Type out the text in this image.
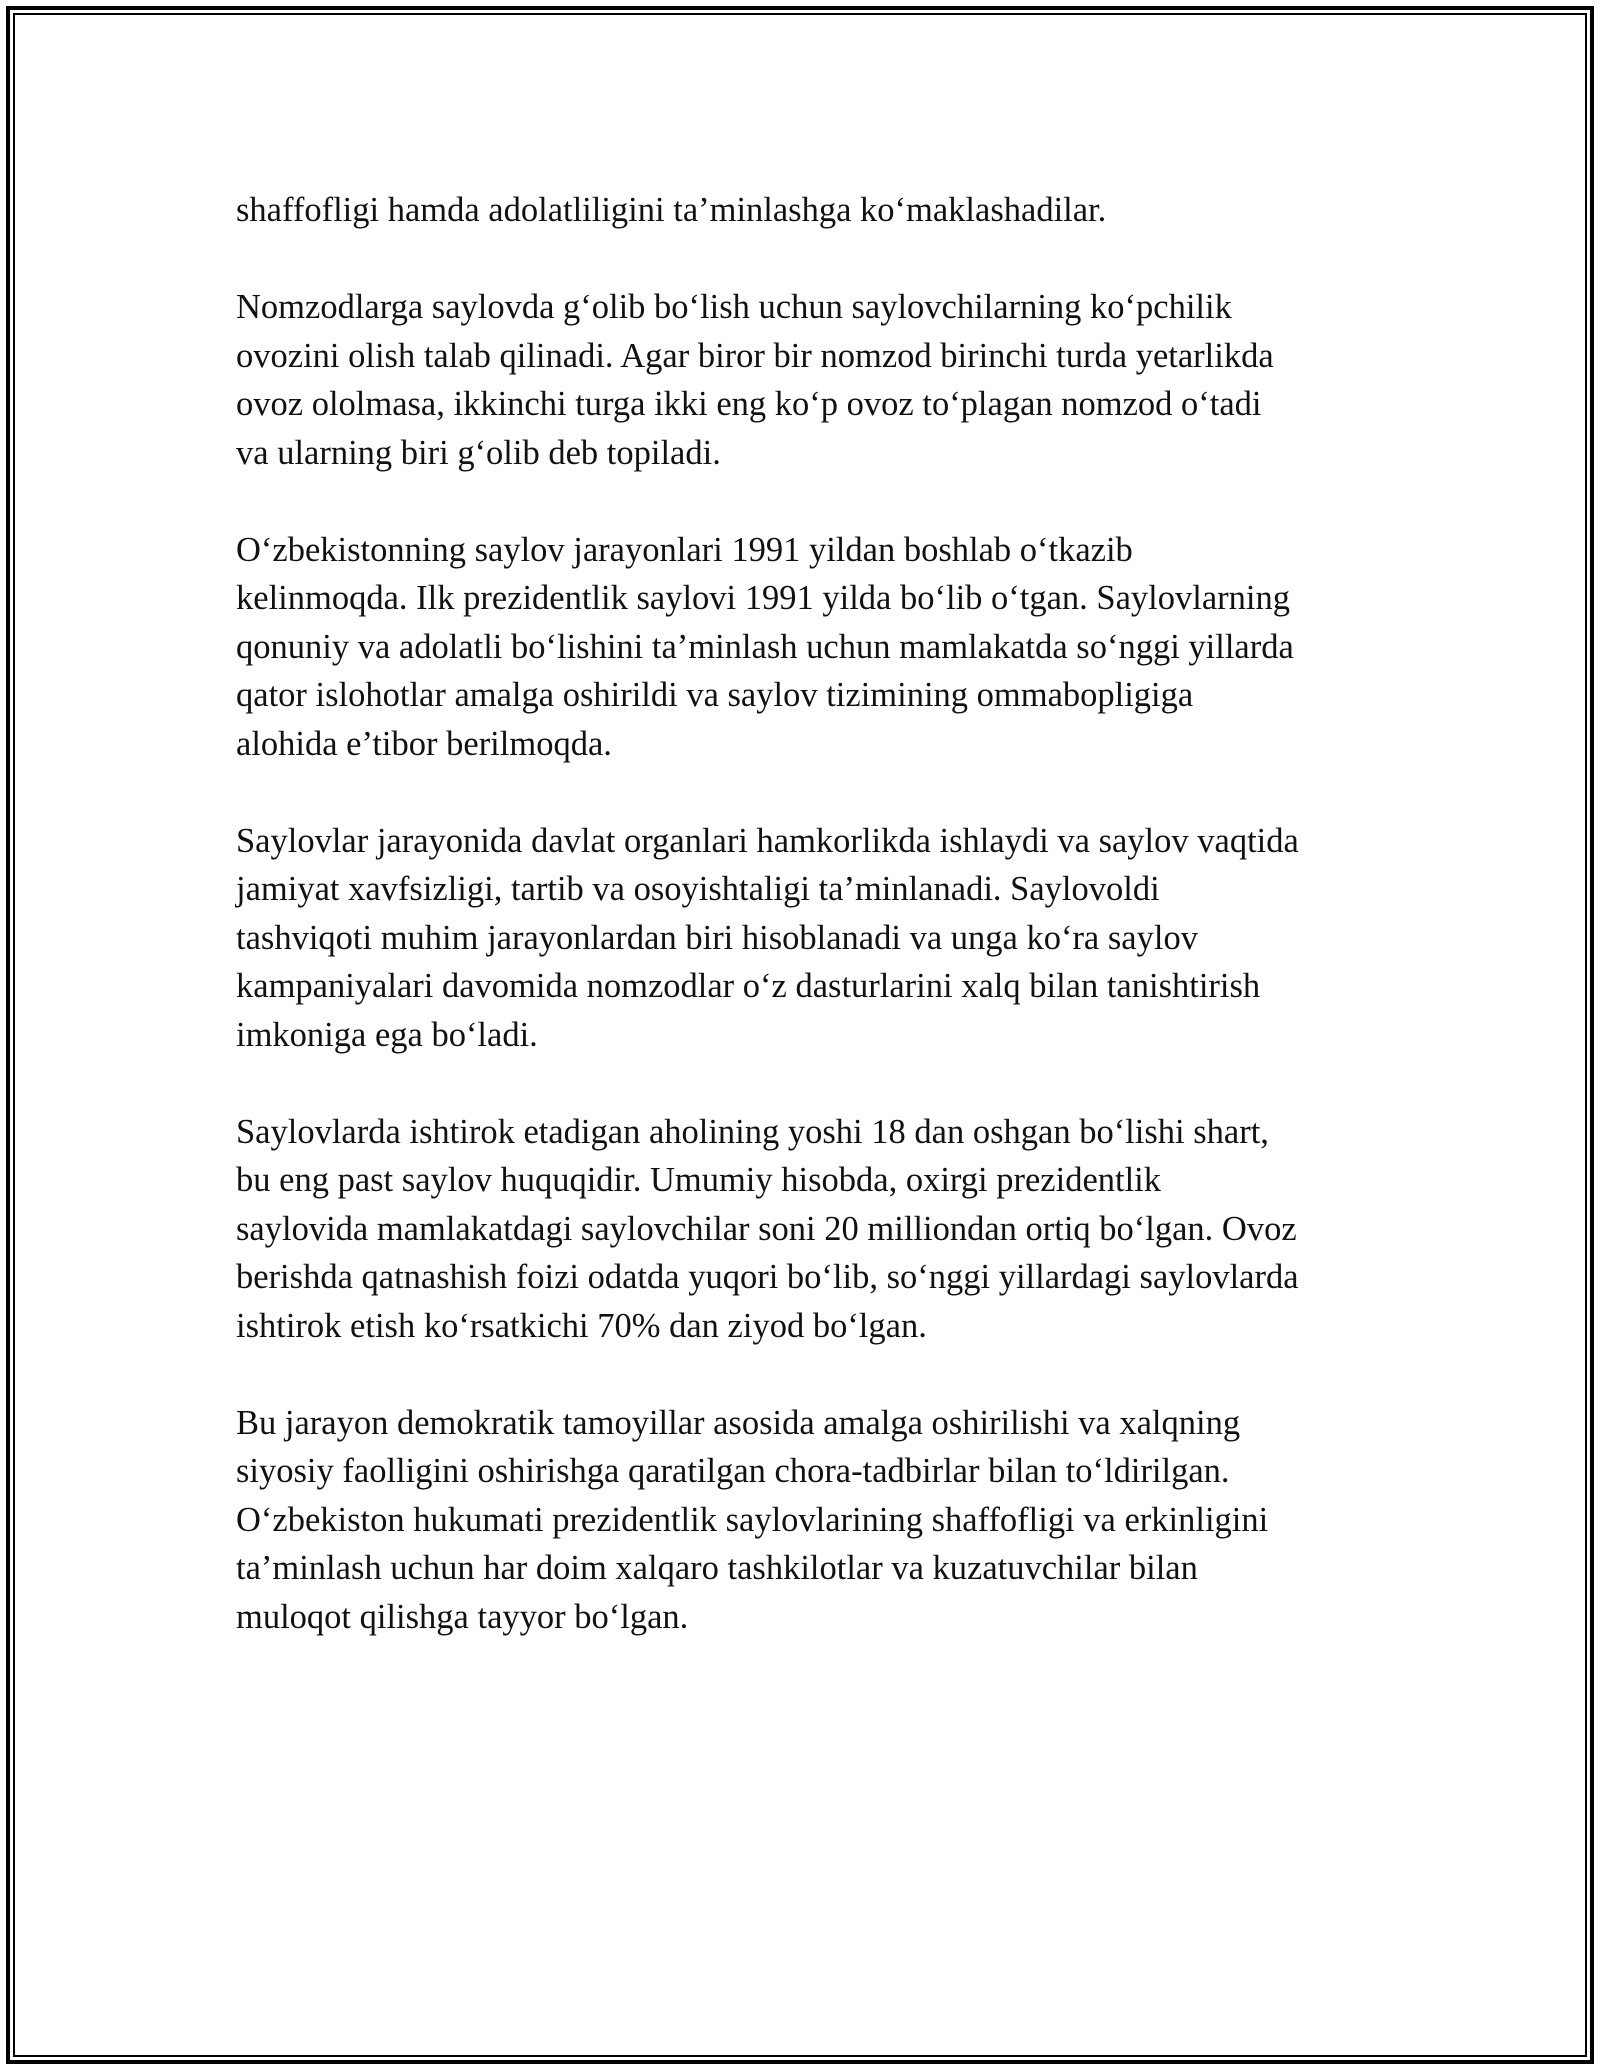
shaffofligi hamda adolatliligini ta’minlashga ko‘maklashadilar.

Nomzodlarga saylovda g‘olib bo‘lish uchun saylovchilarning ko‘pchilik
ovozini olish talab qilinadi. Agar biror bir nomzod birinchi turda yetarlikda
ovoz ololmasa, ikkinchi turga ikki eng ko‘p ovoz to‘plagan nomzod o‘tadi
va ularning biri g‘olib deb topiladi.

O‘zbekistonning saylov jarayonlari 1991 yildan boshlab o‘tkazib
kelinmoqda. Ilk prezidentlik saylovi 1991 yilda bo‘lib o‘tgan. Saylovlarning
qonuniy va adolatli bo‘lishini ta’minlash uchun mamlakatda so‘nggi yillarda
qator islohotlar amalga oshirildi va saylov tizimining ommabopligiga
alohida e’tibor berilmoqda.

Saylovlar jarayonida davlat organlari hamkorlikda ishlaydi va saylov vaqtida
jamiyat xavfsizligi, tartib va osoyishtaligi ta’minlanadi. Saylovoldi
tashviqoti muhim jarayonlardan biri hisoblanadi va unga ko‘ra saylov
kampaniyalari davomida nomzodlar o‘z dasturlarini xalq bilan tanishtirish
imkoniga ega bo‘ladi.

Saylovlarda ishtirok etadigan aholining yoshi 18 dan oshgan bo‘lishi shart,
bu eng past saylov huquqidir. Umumiy hisobda, oxirgi prezidentlik
saylovida mamlakatdagi saylovchilar soni 20 milliondan ortiq bo‘lgan. Ovoz
berishda qatnashish foizi odatda yuqori bo‘lib, so‘nggi yillardagi saylovlarda
ishtirok etish ko‘rsatkichi 70% dan ziyod bo‘lgan.

Bu jarayon demokratik tamoyillar asosida amalga oshirilishi va xalqning
siyosiy faolligini oshirishga qaratilgan chora-tadbirlar bilan to‘ldirilgan.
O‘zbekiston hukumati prezidentlik saylovlarining shaffofligi va erkinligini
ta’minlash uchun har doim xalqaro tashkilotlar va kuzatuvchilar bilan
muloqot qilishga tayyor bo‘lgan.
